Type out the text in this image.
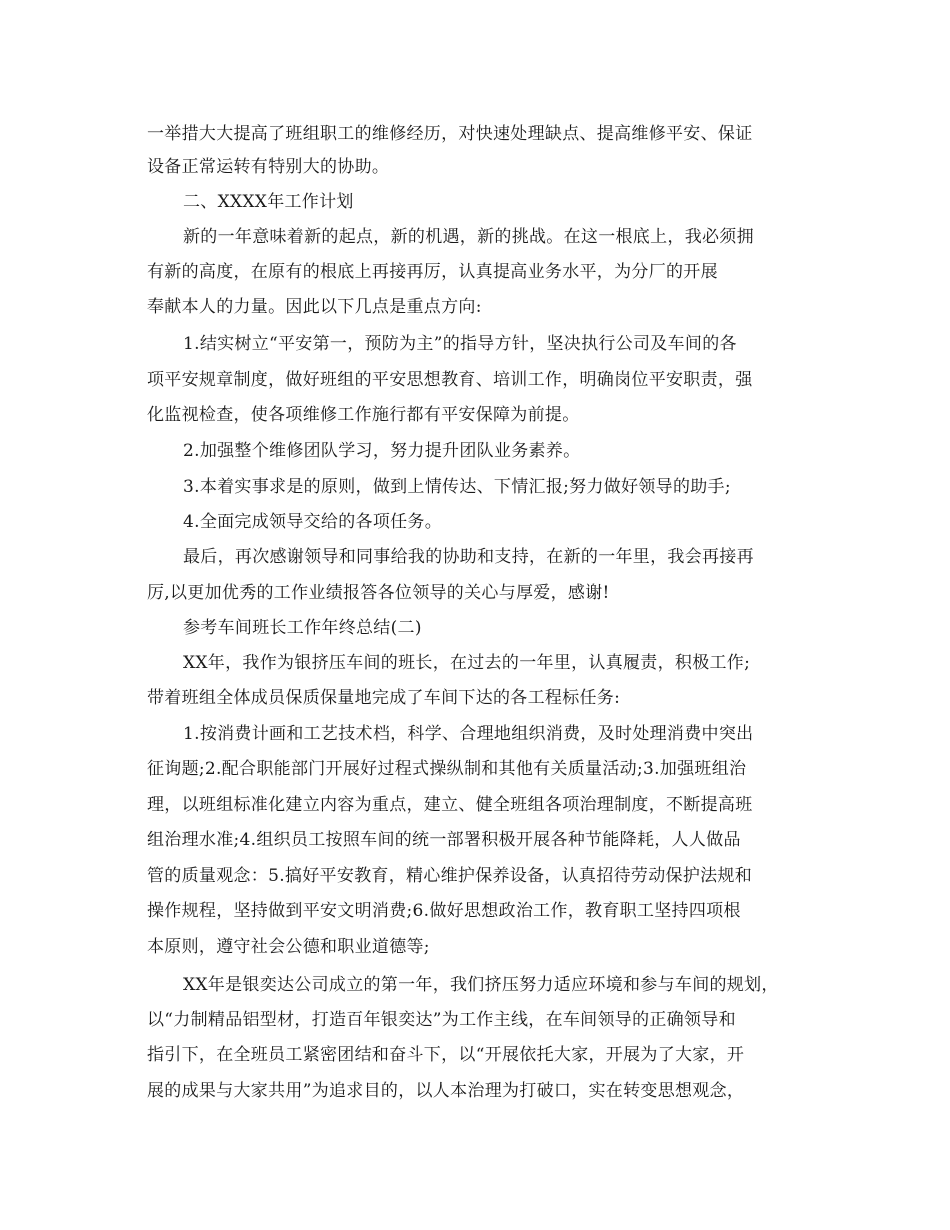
一举措大大提高了班组职工的维修经历，对快速处理缺点、提高维修平安、保证
设备正常运转有特别大的协助。
二、XXXX年工作计划
新的一年意味着新的起点，新的机遇，新的挑战。在这一根底上，我必须拥
有新的高度，在原有的根底上再接再厉，认真提高业务水平，为分厂的开展
奉献本人的力量。因此以下几点是重点方向:
1.结实树立“平安第一，预防为主”的指导方针，坚决执行公司及车间的各
项平安规章制度，做好班组的平安思想教育、培训工作，明确岗位平安职责，强
化监视检查，使各项维修工作施行都有平安保障为前提。
2.加强整个维修团队学习，努力提升团队业务素养。
3.本着实事求是的原则，做到上情传达、下情汇报;努力做好领导的助手;
4.全面完成领导交给的各项任务。
最后，再次感谢领导和同事给我的协助和支持，在新的一年里，我会再接再
厉,以更加优秀的工作业绩报答各位领导的关心与厚爱，感谢!
参考车间班长工作年终总结(二)
XX年，我作为银挤压车间的班长，在过去的一年里，认真履责，积极工作;
带着班组全体成员保质保量地完成了车间下达的各工程标任务:
1.按消费计画和工艺技术档，科学、合理地组织消费，及时处理消费中突出
征询题;2.配合职能部门开展好过程式操纵制和其他有关质量活动;3.加强班组治
理，以班组标准化建立内容为重点，建立、健全班组各项治理制度，不断提高班
组治理水准;4.组织员工按照车间的统一部署积极开展各种节能降耗，人人做品
管的质量观念：5.搞好平安教育，精心维护保养设备，认真招待劳动保护法规和
操作规程，坚持做到平安文明消费;6.做好思想政治工作，教育职工坚持四项根
本原则，遵守社会公德和职业道德等;
XX年是银奕达公司成立的第一年，我们挤压努力适应环境和参与车间的规划，
以“力制精品铝型材，打造百年银奕达”为工作主线，在车间领导的正确领导和
指引下，在全班员工紧密团结和奋斗下，以“开展依托大家，开展为了大家，开
展的成果与大家共用”为追求目的，以人本治理为打破口，实在转变思想观念，
